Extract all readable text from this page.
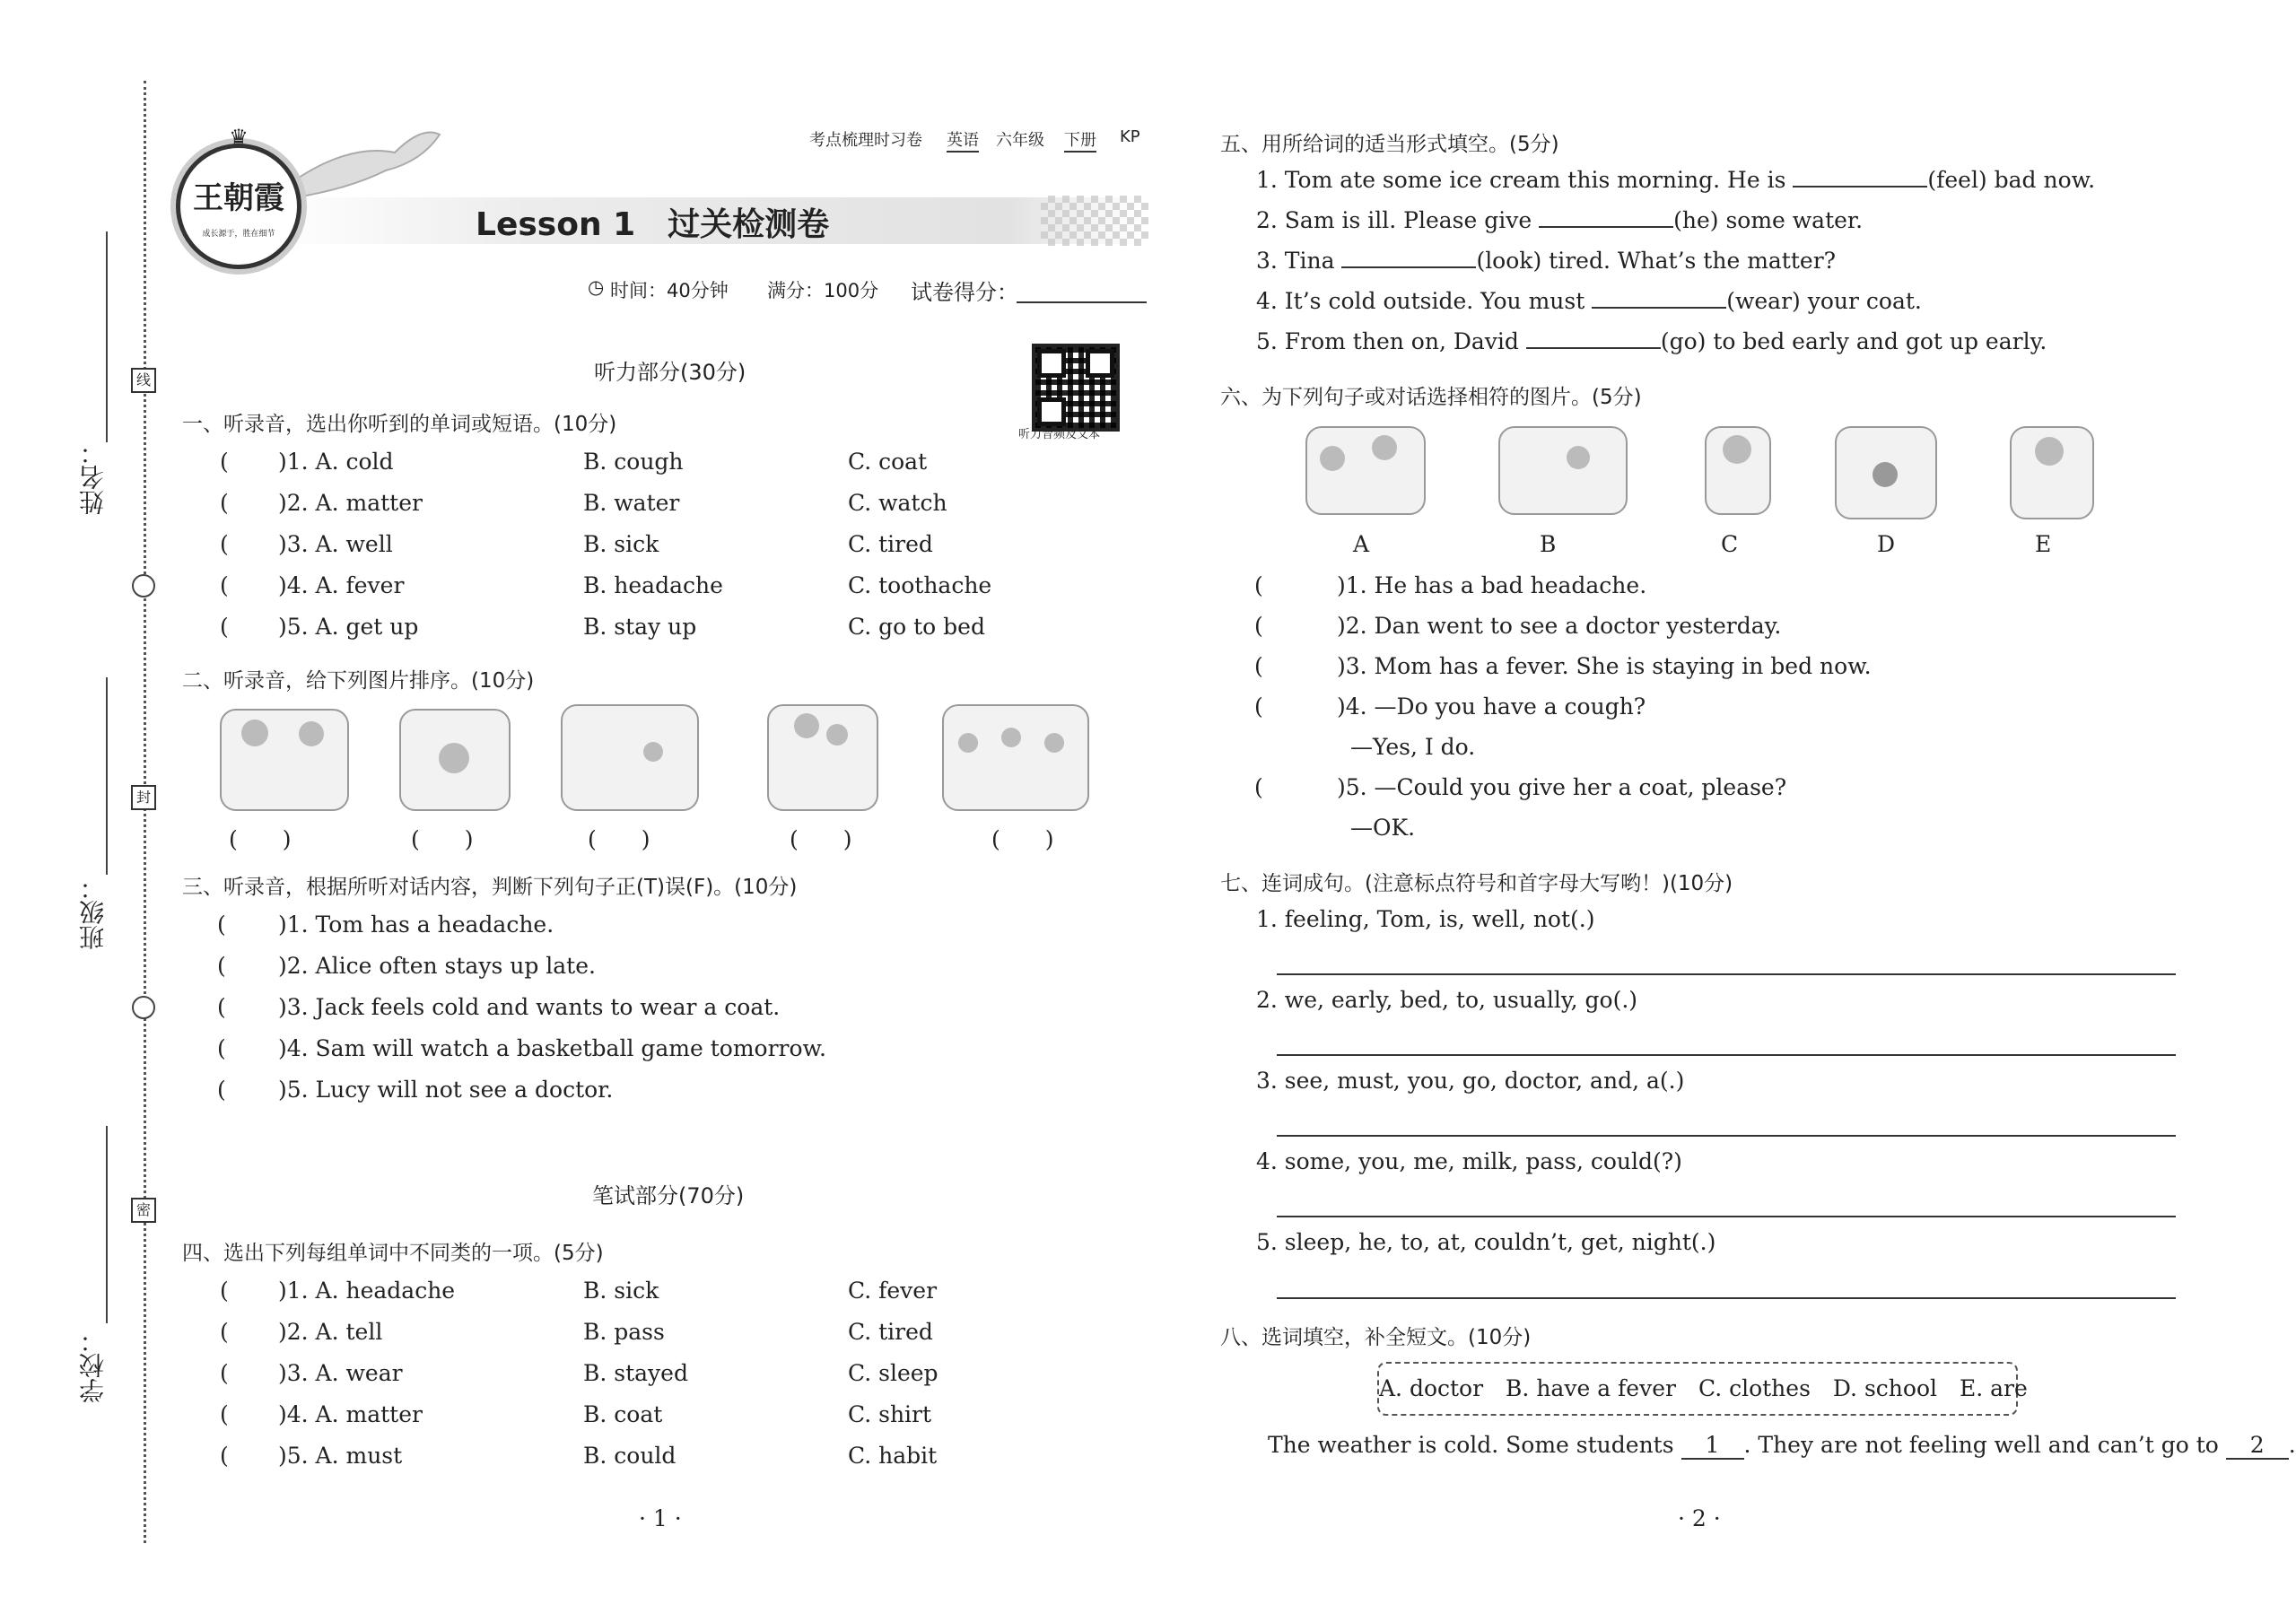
姓名：
班级：
学校：
线
封
密
♛
王朝霞
成长源于，胜在细节
考点梳理时习卷 英语 六年级 下册 KP
Lesson 1　过关检测卷
◷ 时间：40分钟 满分：100分 试卷得分：
听力部分(30分)
听力音频及文本
一、听录音，选出你听到的单词或短语。(10分)
( )1. A. cold	B. cough	C. coat
( )2. A. matter	B. water	C. watch
( )3. A. well	B. sick	C. tired
( )4. A. fever	B. headache	C. toothache
( )5. A. get up	B. stay up	C. go to bed
二、听录音，给下列图片排序。(10分)
(　　)	(　　)	(　　)	(　　)	(　　)
三、听录音，根据所听对话内容，判断下列句子正(T)误(F)。(10分)
( )1. Tom has a headache.
( )2. Alice often stays up late.
( )3. Jack feels cold and wants to wear a coat.
( )4. Sam will watch a basketball game tomorrow.
( )5. Lucy will not see a doctor.
笔试部分(70分)
四、选出下列每组单词中不同类的一项。(5分)
( )1. A. headache	B. sick	C. fever
( )2. A. tell	B. pass	C. tired
( )3. A. wear	B. stayed	C. sleep
( )4. A. matter	B. coat	C. shirt
( )5. A. must	B. could	C. habit
· 1 ·
五、用所给词的适当形式填空。(5分)
1. Tom ate some ice cream this morning. He is	(feel) bad now.
2. Sam is ill. Please give	(he) some water.
3. Tina	(look) tired. What’s the matter?
4. It’s cold outside. You must	(wear) your coat.
5. From then on, David	(go) to bed early and got up early.
六、为下列句子或对话选择相符的图片。(5分)
A	B	C	D	E
(	)1. He has a bad headache.
(	)2. Dan went to see a doctor yesterday.
(	)3. Mom has a fever. She is staying in bed now.
(	)4. —Do you have a cough?
—Yes, I do.
(	)5. —Could you give her a coat, please?
—OK.
七、连词成句。(注意标点符号和首字母大写哟！)(10分)
1. feeling, Tom, is, well, not(.)
2. we, early, bed, to, usually, go(.)
3. see, must, you, go, doctor, and, a(.)
4. some, you, me, milk, pass, could(?)
5. sleep, he, to, at, couldn’t, get, night(.)
八、选词填空，补全短文。(10分)
A. doctor　B. have a fever　C. clothes　D. school　E. are
The weather is cold. Some students 1 . They are not feeling well and can’t go to 2 .
· 2 ·
